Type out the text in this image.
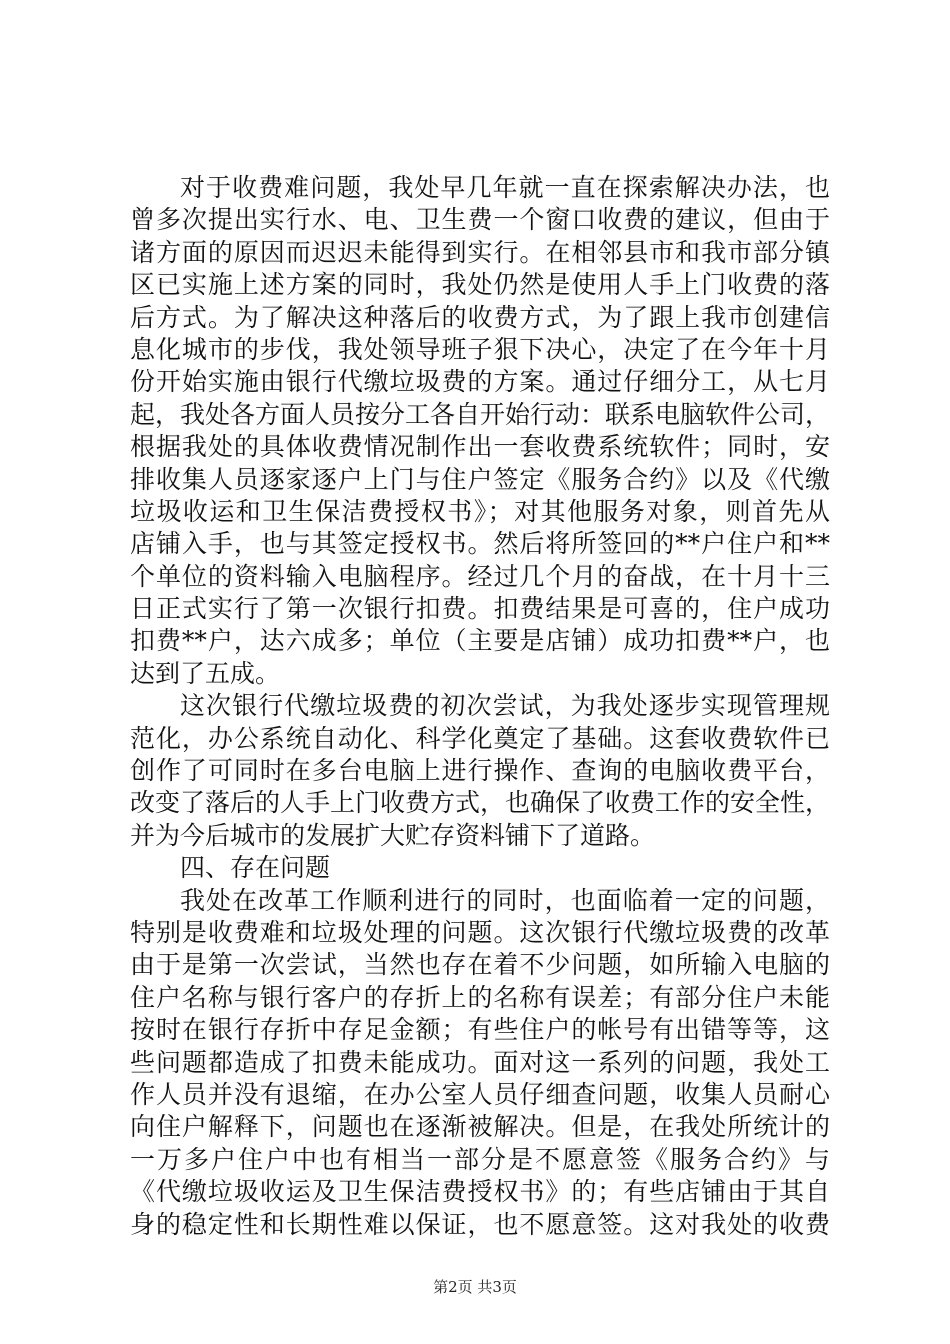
对于收费难问题，我处早几年就一直在探索解决办法，也
曾多次提出实行水、电、卫生费一个窗口收费的建议，但由于
诸方面的原因而迟迟未能得到实行。在相邻县市和我市部分镇
区已实施上述方案的同时，我处仍然是使用人手上门收费的落
后方式。为了解决这种落后的收费方式，为了跟上我市创建信
息化城市的步伐，我处领导班子狠下决心，决定了在今年十月
份开始实施由银行代缴垃圾费的方案。通过仔细分工，从七月
起，我处各方面人员按分工各自开始行动：联系电脑软件公司，
根据我处的具体收费情况制作出一套收费系统软件；同时，安
排收集人员逐家逐户上门与住户签定《服务合约》以及《代缴
垃圾收运和卫生保洁费授权书》；对其他服务对象，则首先从
店铺入手，也与其签定授权书。然后将所签回的**户住户和**
个单位的资料输入电脑程序。经过几个月的奋战，在十月十三
日正式实行了第一次银行扣费。扣费结果是可喜的，住户成功
扣费**户，达六成多；单位（主要是店铺）成功扣费**户，也
达到了五成。
这次银行代缴垃圾费的初次尝试，为我处逐步实现管理规
范化，办公系统自动化、科学化奠定了基础。这套收费软件已
创作了可同时在多台电脑上进行操作、查询的电脑收费平台，
改变了落后的人手上门收费方式，也确保了收费工作的安全性，
并为今后城市的发展扩大贮存资料铺下了道路。
四、存在问题
我处在改革工作顺利进行的同时，也面临着一定的问题，
特别是收费难和垃圾处理的问题。这次银行代缴垃圾费的改革
由于是第一次尝试，当然也存在着不少问题，如所输入电脑的
住户名称与银行客户的存折上的名称有误差；有部分住户未能
按时在银行存折中存足金额；有些住户的帐号有出错等等，这
些问题都造成了扣费未能成功。面对这一系列的问题，我处工
作人员并没有退缩，在办公室人员仔细查问题，收集人员耐心
向住户解释下，问题也在逐渐被解决。但是，在我处所统计的
一万多户住户中也有相当一部分是不愿意签《服务合约》与
《代缴垃圾收运及卫生保洁费授权书》的；有些店铺由于其自
身的稳定性和长期性难以保证，也不愿意签。这对我处的收费
第2页 共3页
